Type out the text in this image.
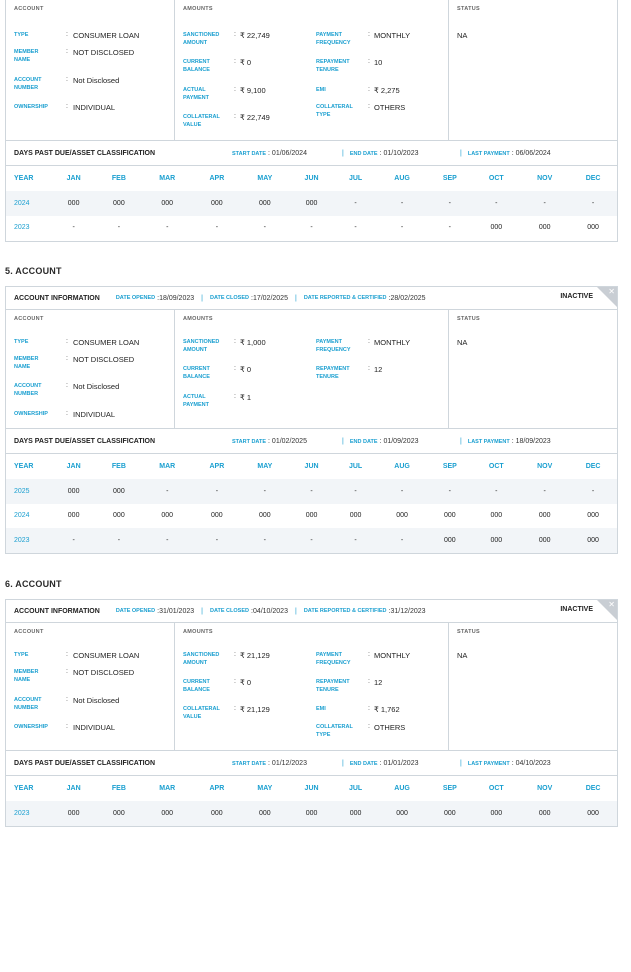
ACCOUNT
TYPE	: CONSUMER LOAN
MEMBER NAME
: NOT DISCLOSED
ACCOUNT NUMBER
: Not Disclosed
OWNERSHIP	: INDIVIDUAL
AMOUNTS
SANCTIONED AMOUNT
: ₹ 22,749
CURRENT BALANCE
: ₹ 0
ACTUAL PAYMENT
: ₹ 9,100
COLLATERAL VALUE
: ₹ 22,749
PAYMENT FREQUENCY
: MONTHLY
REPAYMENT TENURE
: 10
EMI	: ₹ 2,275
COLLATERAL TYPE
: OTHERS
STATUS
NA
DAYS PAST DUE/ASSET CLASSIFICATION	START DATE :
01/06/2024	| END DATE :
01/10/2023	| LAST PAYMENT :
06/06/2024
YEAR	JAN	FEB	MAR	APR	MAY	JUN	JUL	AUG	SEP	OCT	NOV	DEC
2024	000	000	000	000	000	000	-	-	-	-	-	-
2023	-	-	-	-	-	-	-	-	-	000	000	000
5. ACCOUNT
ACCOUNT INFORMATION	DATE OPENED : 18/09/2023 | DATE CLOSED : 17/02/2025 | DATE REPORTED & CERTIFIED : 28/02/2025	INACTIVE
✕
ACCOUNT
TYPE	: CONSUMER LOAN
MEMBER NAME
: NOT DISCLOSED
ACCOUNT NUMBER
: Not Disclosed
OWNERSHIP	: INDIVIDUAL
AMOUNTS
SANCTIONED AMOUNT
: ₹ 1,000
CURRENT BALANCE
: ₹ 0
ACTUAL PAYMENT
: ₹ 1
PAYMENT FREQUENCY
: MONTHLY
REPAYMENT TENURE
: 12
STATUS
NA
DAYS PAST DUE/ASSET CLASSIFICATION	START DATE :
01/02/2025	| END DATE :
01/09/2023	| LAST PAYMENT :
18/09/2023
YEAR	JAN	FEB	MAR	APR	MAY	JUN	JUL	AUG	SEP	OCT	NOV	DEC
2025	000	000	-	-	-	-	-	-	-	-	-	-
2024	000	000	000	000	000	000	000	000	000	000	000	000
2023	-	-	-	-	-	-	-	-	000	000	000	000
6. ACCOUNT
ACCOUNT INFORMATION	DATE OPENED : 31/01/2023 | DATE CLOSED : 04/10/2023 | DATE REPORTED & CERTIFIED : 31/12/2023	INACTIVE
✕
ACCOUNT
TYPE	: CONSUMER LOAN
MEMBER NAME
: NOT DISCLOSED
ACCOUNT NUMBER
: Not Disclosed
OWNERSHIP	: INDIVIDUAL
AMOUNTS
SANCTIONED AMOUNT
: ₹ 21,129
CURRENT BALANCE
: ₹ 0
COLLATERAL VALUE
: ₹ 21,129
PAYMENT FREQUENCY
: MONTHLY
REPAYMENT TENURE
: 12
EMI	: ₹ 1,762
COLLATERAL TYPE
: OTHERS
STATUS
NA
DAYS PAST DUE/ASSET CLASSIFICATION	START DATE :
01/12/2023	| END DATE :
01/01/2023	| LAST PAYMENT :
04/10/2023
YEAR	JAN	FEB	MAR	APR	MAY	JUN	JUL	AUG	SEP	OCT	NOV	DEC
2023	000	000	000	000	000	000	000	000	000	000	000	000
